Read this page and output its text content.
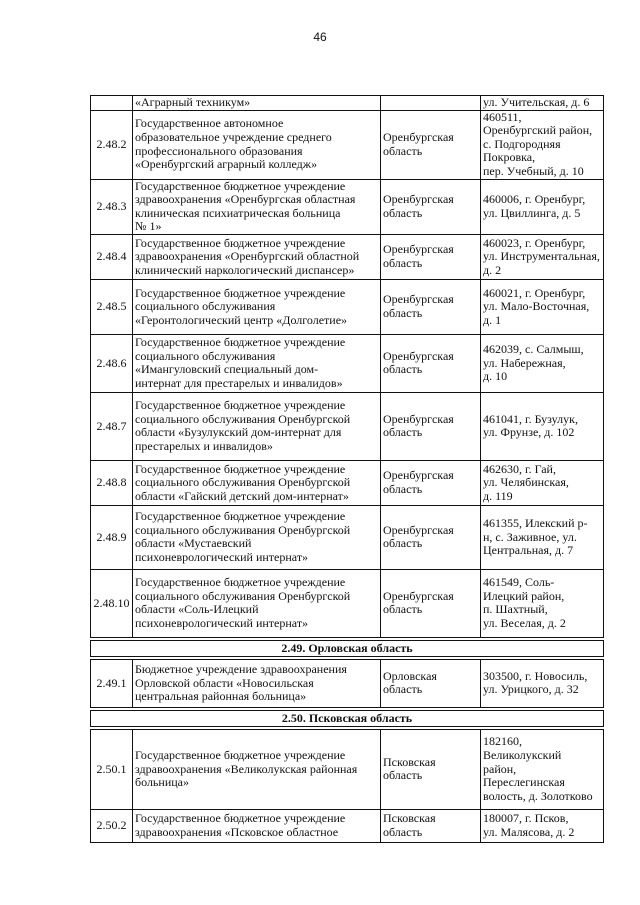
46

	«Аграрный техникум»		ул. Учительская, д. 6

2.48.2	Государственное автономное
образовательное учреждение среднего
профессионального образования
«Оренбургский аграрный колледж»	Оренбургская
область	460511,
Оренбургский район,
с. Подгородняя
Покровка,
пер. Учебный, д. 10

2.48.3	Государственное бюджетное учреждение
здравоохранения «Оренбургская областная
клиническая психиатрическая больница
№ 1»	Оренбургская
область	460006, г. Оренбург,
ул. Цвиллинга, д. 5

2.48.4	Государственное бюджетное учреждение
здравоохранения «Оренбургский областной
клинический наркологический диспансер»	Оренбургская
область	460023, г. Оренбург,
ул. Инструментальная,
д. 2

2.48.5	Государственное бюджетное учреждение
социального обслуживания
«Геронтологический центр «Долголетие»	Оренбургская
область	460021, г. Оренбург,
ул. Мало-Восточная,
д. 1

2.48.6	Государственное бюджетное учреждение
социального обслуживания
«Имангуловский специальный дом-
интернат для престарелых и инвалидов»	Оренбургская
область	462039, с. Салмыш,
ул. Набережная,
д. 10

2.48.7	Государственное бюджетное учреждение
социального обслуживания Оренбургской
области «Бузулукский дом-интернат для
престарелых и инвалидов»	Оренбургская
область	461041, г. Бузулук,
ул. Фрунзе, д. 102

2.48.8	Государственное бюджетное учреждение
социального обслуживания Оренбургской
области «Гайский детский дом-интернат»	Оренбургская
область	462630, г. Гай,
ул. Челябинская,
д. 119

2.48.9	Государственное бюджетное учреждение
социального обслуживания Оренбургской
области «Мустаевский
психоневрологический интернат»	Оренбургская
область	461355, Илекский р-
н, с. Заживное, ул.
Центральная, д. 7

2.48.10	Государственное бюджетное учреждение
социального обслуживания Оренбургской
области «Соль-Илецкий
психоневрологический интернат»	Оренбургская
область	461549, Соль-
Илецкий район,
п. Шахтный,
ул. Веселая, д. 2

2.49. Орловская область			

2.49.1	Бюджетное учреждение здравоохранения
Орловской области «Новосильская
центральная районная больница»	Орловская
область	303500, г. Новосиль,
ул. Урицкого, д. 32

2.50. Псковская область			

2.50.1	Государственное бюджетное учреждение
здравоохранения «Великолукская районная
больница»	Псковская
область	182160,
Великолукский
район,
Переслегинская
волость, д. Золотково

2.50.2	Государственное бюджетное учреждение
здравоохранения «Псковское областное	Псковская
область	180007, г. Псков,
ул. Малясова, д. 2
